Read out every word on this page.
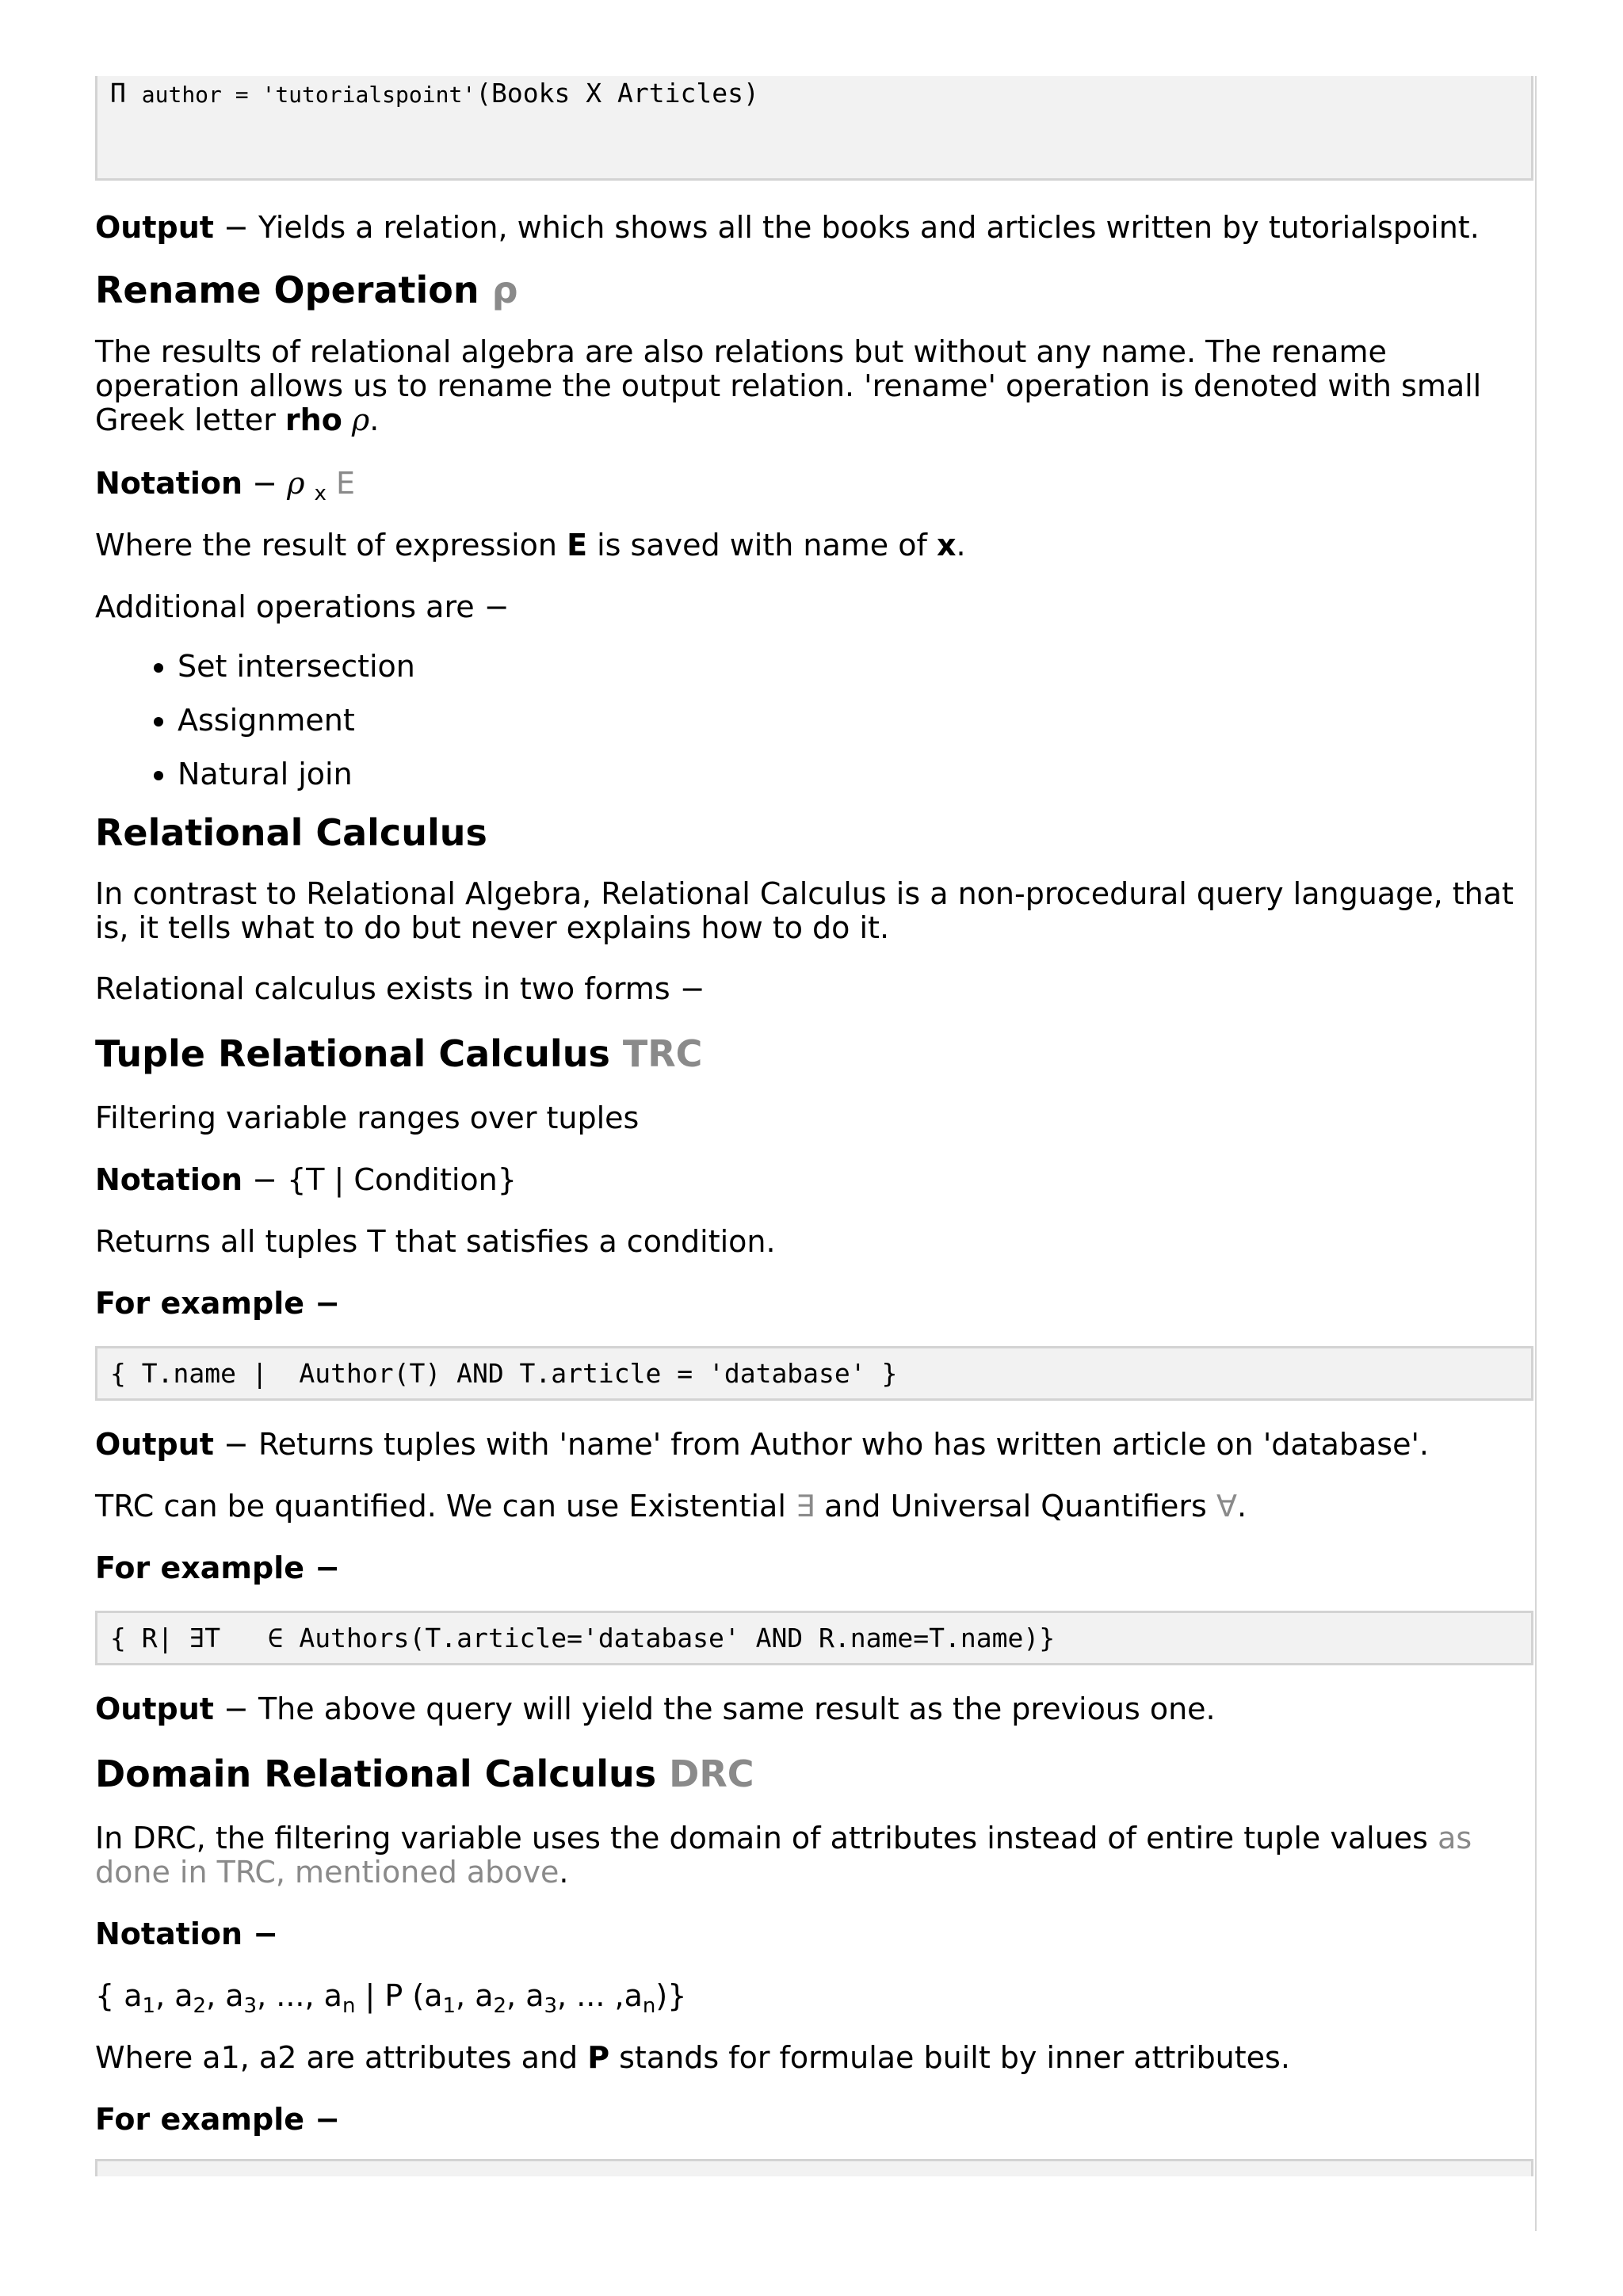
Π author = 'tutorialspoint'(Books X Articles)

Output − Yields a relation, which shows all the books and articles written by tutorialspoint.

Rename Operation ρ

The results of relational algebra are also relations but without any name. The rename operation allows us to rename the output relation. 'rename' operation is denoted with small Greek letter rho ρ.

Notation − ρ $_x$ E

Where the result of expression E is saved with name of x.

Additional operations are −

• Set intersection
• Assignment
• Natural join
Relational Calculus

In contrast to Relational Algebra, Relational Calculus is a non-procedural query language, that is, it tells what to do but never explains how to do it.

Relational calculus exists in two forms −

Tuple Relational Calculus TRC

Filtering variable ranges over tuples

Notation − {T | Condition}

Returns all tuples T that satisfies a condition.

For example −

{ T.name |  Author(T) AND T.article = 'database' }

Output − Returns tuples with 'name' from Author who has written article on 'database'.

TRC can be quantified. We can use Existential ∃ and Universal Quantifiers ∀.

For example −

{ R| ∃T   ∈ Authors(T.article='database' AND R.name=T.name)}

Output − The above query will yield the same result as the previous one.

Domain Relational Calculus DRC

In DRC, the filtering variable uses the domain of attributes instead of entire tuple values as done in TRC, mentioned above.

Notation −

{ $a_1$, $a_2$, $a_3$, ..., $a_n$ | P ($a_1$, $a_2$, $a_3$, ... $,a_n$)}

Where a1, a2 are attributes and P stands for formulae built by inner attributes.

For example −
